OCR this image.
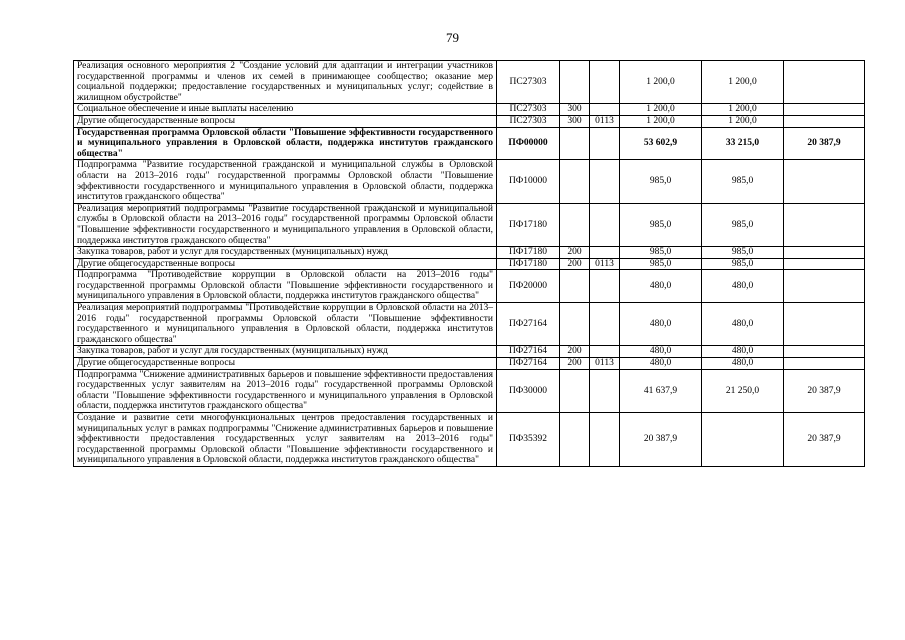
79
Реализация основного мероприятия 2 "Создание условий для адаптации и интеграции участников государственной программы и членов их семей в принимающее сообщество; оказание мер социальной поддержки; предоставление государственных и муниципальных услуг; содействие в жилищном обустройстве"	ПС27303			1 200,0	1 200,0	
Социальное обеспечение и иные выплаты населению	ПС27303	300		1 200,0	1 200,0	
Другие общегосударственные вопросы	ПС27303	300	0113	1 200,0	1 200,0	
Государственная программа Орловской области "Повышение эффективности государственного и муниципального управления в Орловской области, поддержка институтов гражданского общества"	ПФ00000			53 602,9	33 215,0	20 387,9
Подпрограмма "Развитие государственной гражданской и муниципальной службы в Орловской области на 2013–2016 годы" государственной программы Орловской области "Повышение эффективности государственного и муниципального управления в Орловской области, поддержка институтов гражданского общества"	ПФ10000			985,0	985,0	
Реализация мероприятий подпрограммы "Развитие государственной гражданской и муниципальной службы в Орловской области на 2013–2016 годы" государственной программы Орловской области "Повышение эффективности государственного и муниципального управления в Орловской области, поддержка институтов гражданского общества"	ПФ17180			985,0	985,0	
Закупка товаров, работ и услуг для государственных (муниципальных) нужд	ПФ17180	200		985,0	985,0	
Другие общегосударственные вопросы	ПФ17180	200	0113	985,0	985,0	
Подпрограмма "Противодействие коррупции в Орловской области на 2013–2016 годы" государственной программы Орловской области "Повышение эффективности государственного и муниципального управления в Орловской области, поддержка институтов гражданского общества"	ПФ20000			480,0	480,0	
Реализация мероприятий подпрограммы "Противодействие коррупции в Орловской области на 2013–2016 годы" государственной программы Орловской области "Повышение эффективности государственного и муниципального управления в Орловской области, поддержка институтов гражданского общества"	ПФ27164			480,0	480,0	
Закупка товаров, работ и услуг для государственных (муниципальных) нужд	ПФ27164	200		480,0	480,0	
Другие общегосударственные вопросы	ПФ27164	200	0113	480,0	480,0	
Подпрограмма "Снижение административных барьеров и повышение эффективности предоставления государственных услуг заявителям на 2013–2016 годы" государственной программы Орловской области "Повышение эффективности государственного и муниципального управления в Орловской области, поддержка институтов гражданского общества"	ПФ30000			41 637,9	21 250,0	20 387,9
Создание и развитие сети многофункциональных центров предоставления государственных и муниципальных услуг в рамках подпрограммы "Снижение административных барьеров и повышение эффективности предоставления государственных услуг заявителям на 2013–2016 годы" государственной программы Орловской области "Повышение эффективности государственного и муниципального управления в Орловской области, поддержка институтов гражданского общества"	ПФ35392			20 387,9		20 387,9
